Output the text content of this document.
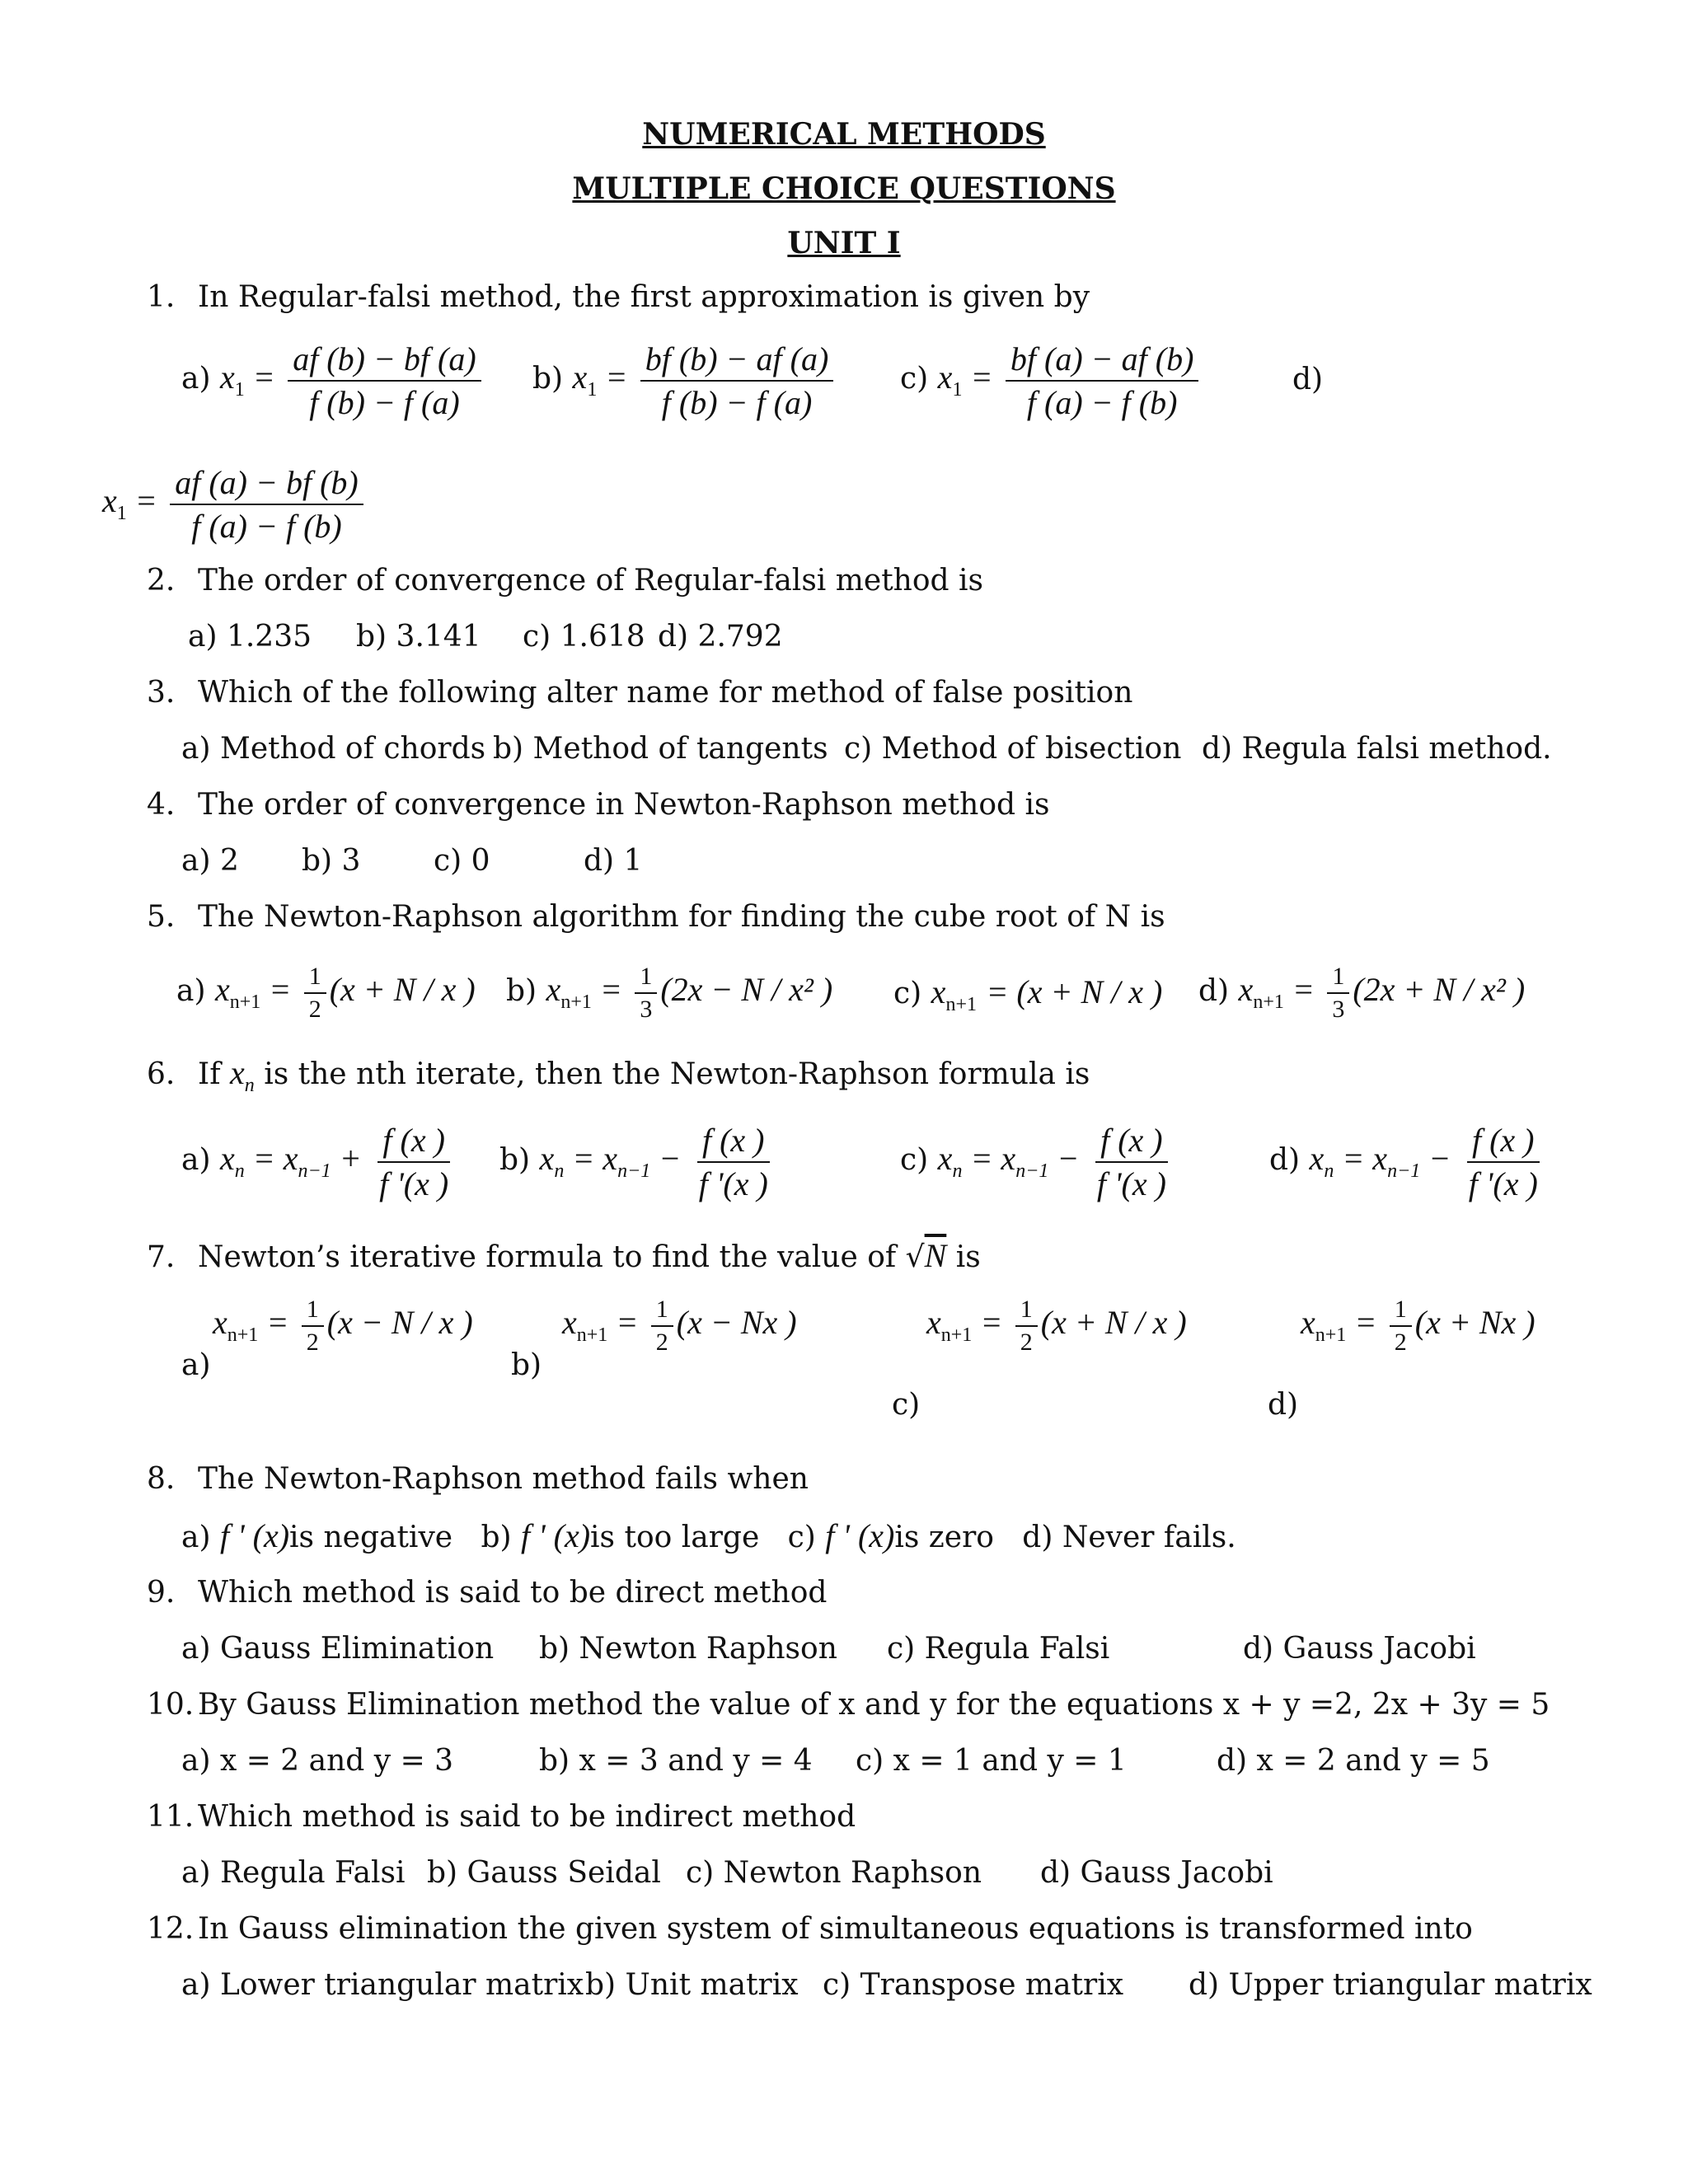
NUMERICAL METHODS
MULTIPLE CHOICE QUESTIONS
UNIT I
1. In Regular-falsi method, the first approximation is given by
a) $x_1 = \frac{af (b) - bf (a)}{f (b) - f (a)} b$) $x_1 = \frac{bf (b) - af (a)}{f (b) - f (a)} c$) $x_1 = \frac{bf (a) - af (b)}{f (a) - f (b)}$	d)
$x_1 = \frac{af (a) - bf (b)}{f (a) - f (b)}$
2. The order of convergence of Regular-falsi method is
a) 1.235 b) 3.141 c) 1.618 d) 2.792
3. Which of the following alter name for method of false position
a) Method of chords b) Method of tangents c) Method of bisection d) Regula falsi method.
4. The order of convergence in Newton-Raphson method is
a) 2 b) 3 c) 0	d) 1
5. The Newton-Raphson algorithm for finding the cube root of N is
a) $x_{n+1} = \frac{1}{2} (x + N / x$ ) b) $x_{n+1} = \frac{1}{3} (2x - N / x^2$ ) c) $x_{n+1} = (x + N / x$ ) d) $x_{n+1} = \frac{1}{3} (2x + N / x^2$ )
6. If $x_n$ is the nth iterate, then the Newton-Raphson formula is
a) $x_n = x_{n-1} + \frac{f (x )}{f '(x )} b$) $x_n = x_{n-1} - \frac{f (x )}{f '(x )}$	c) $x_n = x_{n-1} - \frac{f (x )}{f '(x )}$	d) $x_n = x_{n-1} - \frac{f (x )}{f '(x )}$
7. Newton’s iterative formula to find the value of √N is
$x_{n+1} = \frac{1}{2} (x - N / x$ )	$x_{n+1} = \frac{1}{2} (x - Nx$ )	$x_{n+1} = \frac{1}{2} (x + N / x$ )	$x_{n+1} = \frac{1}{2} (x + Nx$ )
a)	b)
c)	d)
8. The Newton-Raphson method fails when
a) f ' (x)is negative b) f ' (x)is too large c) f ' (x)is zero d) Never fails.
9. Which method is said to be direct method
a) Gauss Elimination b) Newton Raphson c) Regula Falsi	d) Gauss Jacobi
10. By Gauss Elimination method the value of x and y for the equations x + y =2, 2x + 3y = 5
a) x = 2 and y = 3	b) x = 3 and y = 4 c) x = 1 and y = 1	d) x = 2 and y = 5
11. Which method is said to be indirect method
a) Regula Falsi b) Gauss Seidal c) Newton Raphson d) Gauss Jacobi
12. In Gauss elimination the given system of simultaneous equations is transformed into
a) Lower triangular matrix b) Unit matrix c) Transpose matrix d) Upper triangular matrix
